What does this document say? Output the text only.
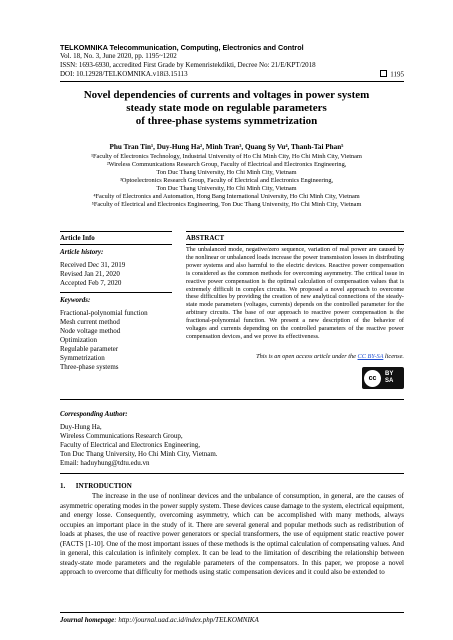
TELKOMNIKA Telecommunication, Computing, Electronics and Control
Vol. 18, No. 3, June 2020, pp. 1195~1202
ISSN: 1693-6930, accredited First Grade by Kemenristekdikti, Decree No: 21/E/KPT/2018
DOI: 10.12928/TELKOMNIKA.v18i3.15113	1195
Novel dependencies of currents and voltages in power system
steady state mode on regulable parameters
of three-phase systems symmetrization
Phu Tran Tin¹, Duy-Hung Ha², Minh Tran³, Quang Sy Vu⁴, Thanh-Tai Phan⁵
¹Faculty of Electronics Technology, Industrial University of Ho Chi Minh City, Ho Chi Minh City, Vietnam
²Wireless Communications Research Group, Faculty of Electrical and Electronics Engineering,
Ton Duc Thang University, Ho Chi Minh City, Vietnam
³Optoelectronics Research Group, Faculty of Electrical and Electronics Engineering,
Ton Duc Thang University, Ho Chi Minh City, Vietnam
⁴Faculty of Electronics and Automation, Hong Bang International University, Ho Chi Minh City, Vietnam
⁵Faculty of Electrical and Electronics Engineering, Ton Duc Thang University, Ho Chi Minh City, Vietnam
Article Info
Article history:
Received Dec 31, 2019
Revised Jan 21, 2020
Accepted Feb 7, 2020
Keywords:
Fractional-polynomial function
Mesh current method
Node voltage method
Optimization
Regulable parameter
Symmetrization
Three-phase systems
ABSTRACT
The unbalanced mode, negative/zero sequence, variation of real power are caused by the nonlinear or unbalanced loads increase the power transmission losses in distributing power systems and also harmful to the electric devices. Reactive power compensation is considered as the common methods for overcoming asymmetry. The critical issue in reactive power compensation is the optimal calculation of compensation values that is extremely difficult in complex circuits. We proposed a novel approach to overcome these difficulties by providing the creation of new analytical connections of the steady-state mode parameters (voltages, currents) depends on the controlled parameter for the arbitrary circuits. The base of our approach to reactive power compensation is the fractional-polynomial function. We present a new description of the behavior of voltages and currents depending on the controlled parameters of the reactive power compensation devices, and we prove its effectiveness.
This is an open access article under the CC BY-SA license.
cc
BY
SA
Corresponding Author:
Duy-Hung Ha,
Wireless Communications Research Group,
Faculty of Electrical and Electronics Engineering,
Ton Duc Thang University, Ho Chi Minh City, Vietnam.
Email: haduyhung@tdtu.edu.vn
1.      INTRODUCTION
The increase in the use of nonlinear devices and the unbalance of consumption, in general, are the causes of asymmetric operating modes in the power supply system. These devices cause damage to the system, electrical equipment, and energy losse. Consequently, overcoming asymmetry, which can be accomplished with many methods, always occupies an important place in the study of it. There are several general and popular methods such as redistribution of loads at phases, the use of reactive power generators or special transformers, the use of equipment static reactive power (FACTS [1-10]. One of the most important issues of these methods is the optimal calculation of compensating values. And in general, this calculation is infinitely complex. It can be lead to the limitation of describing the relationship between steady-state mode parameters and the regulable parameters of the compensators. In this paper, we propose a novel approach to overcome that difficulty for methods using static compensation devices and it could also be extended to
Journal homepage: http://journal.uad.ac.id/index.php/TELKOMNIKA
